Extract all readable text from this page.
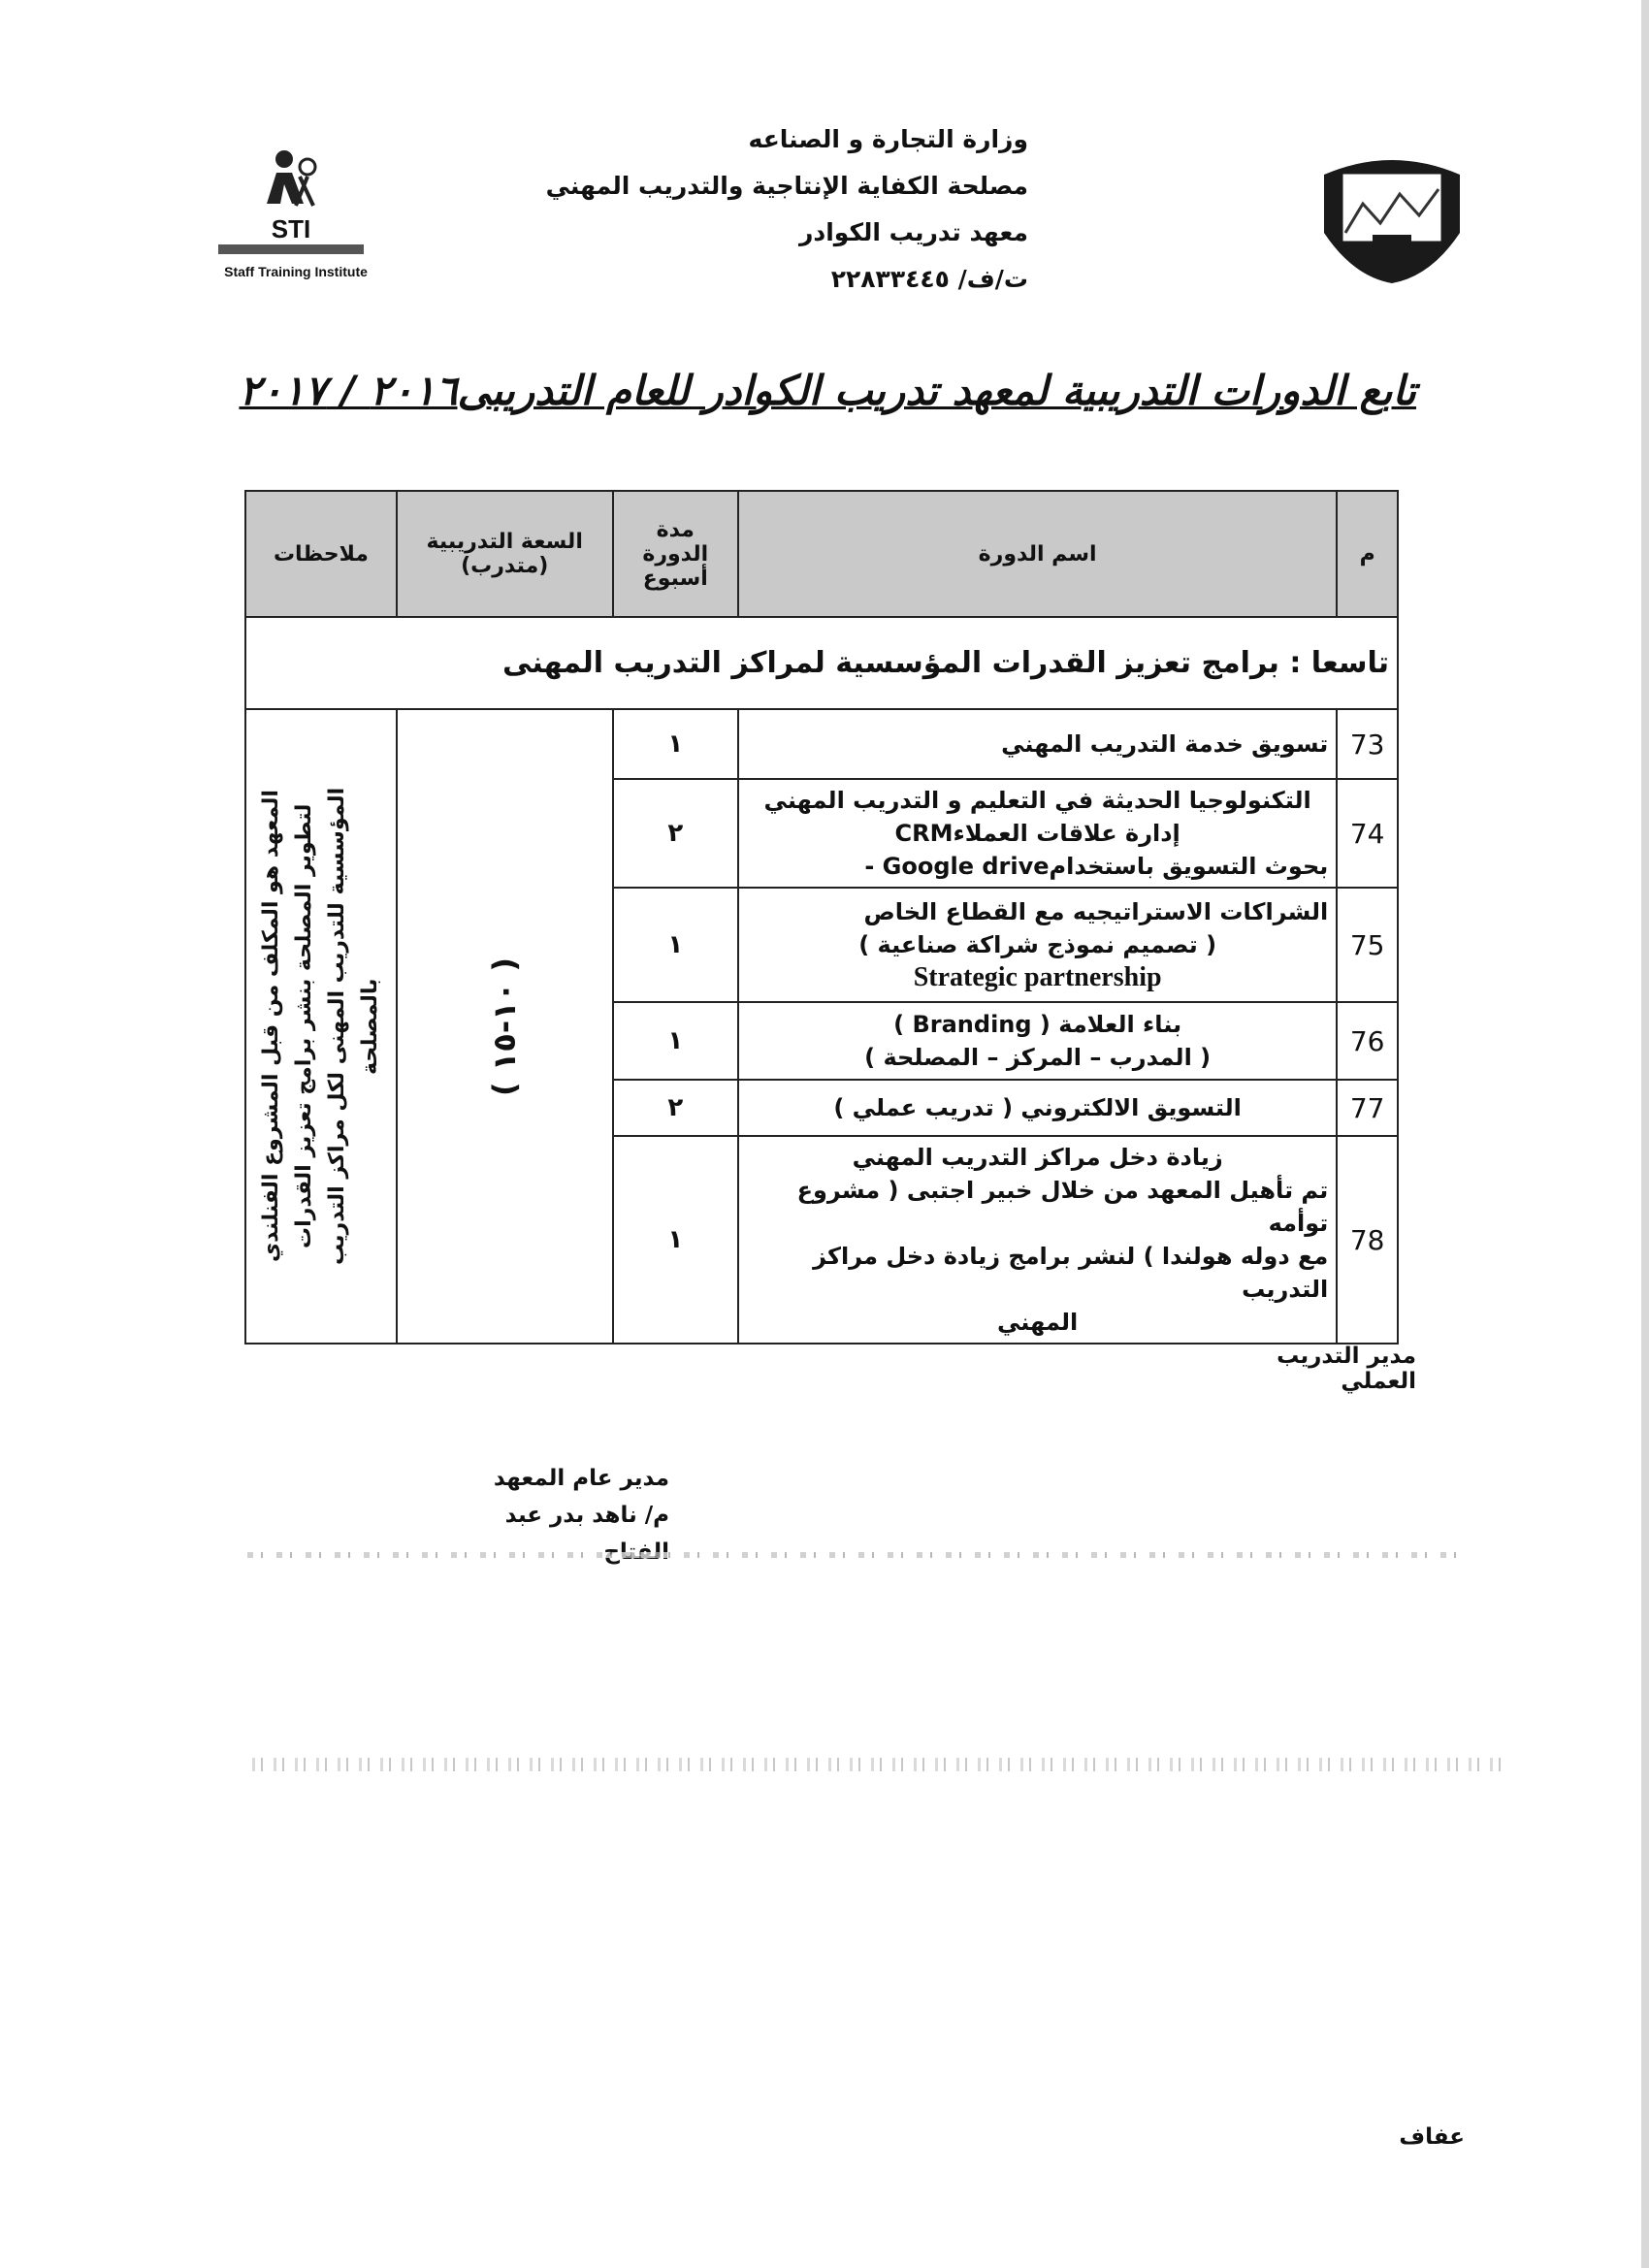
STI
Staff Training Institute
وزارة التجارة و الصناعه
مصلحة الكفاية الإنتاجية والتدريب المهني
معهد تدريب الكوادر
ت/ف/ ٢٢٨٣٣٤٤٥
تابع الدورات التدريبية لمعهد تدريب الكوادر للعام التدريبى٢٠١٦ / ٢٠١٧
م	اسم الدورة	مدة الدورة أسبوع	السعة التدريبية (متدرب)	ملاحظات
تاسعا : برامج تعزيز القدرات المؤسسية لمراكز التدريب المهنى				
73	تسويق خدمة التدريب المهني	١	( ١٠-١٥ )	المعهد هو المكلف من قبل المشروع الفنلندي لتطوير المصلحة بنشر برامج تعزيز القدرات المؤسسية للتدريب المهنى لكل مراكز التدريب بالمصلحة

74	التكنولوجيا الحديثة في التعليم و التدريب المهني
إدارة علاقات العملاءCRM
بحوث التسويق باستخدامGoogle drive -	٢		
75	الشراكات الاستراتيجيه مع القطاع الخاص
( تصميم نموذج شراكة صناعية )
Strategic partnership	١		
76	بناء العلامة ( Branding )
( المدرب – المركز – المصلحة )	١		
77	التسويق الالكتروني ( تدريب عملي )	٢		
78	زيادة دخل مراكز التدريب المهني
تم تأهيل المعهد من خلال خبير اجتبى ( مشروع توأمه
مع دوله هولندا ) لنشر برامج زيادة دخل مراكز التدريب
المهني	١		
مدير التدريب العملي
مدير عام المعهد
م/ ناهد بدر عبد
عفاف
